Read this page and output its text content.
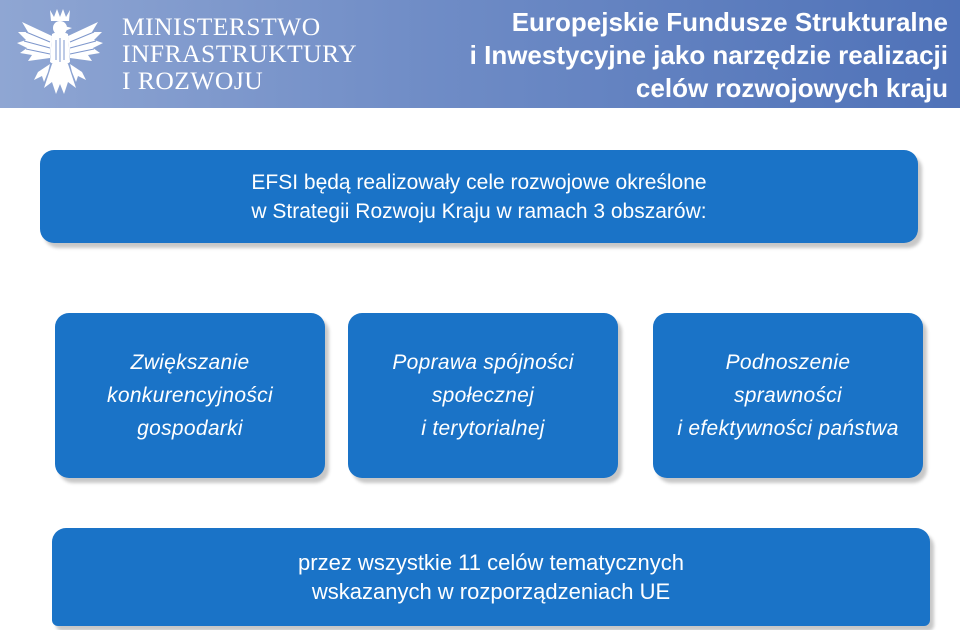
MINISTERSTWO
INFRASTRUKTURY
I ROZWOJU
Europejskie Fundusze Strukturalne
i Inwestycyjne jako narzędzie realizacji
celów rozwojowych kraju
EFSI będą realizowały cele rozwojowe określone
w Strategii Rozwoju Kraju w ramach 3 obszarów:
Zwiększanie
konkurencyjności
gospodarki
Poprawa spójności
społecznej
i terytorialnej
Podnoszenie
sprawności
i efektywności państwa
przez wszystkie 11 celów tematycznych
wskazanych w rozporządzeniach UE
